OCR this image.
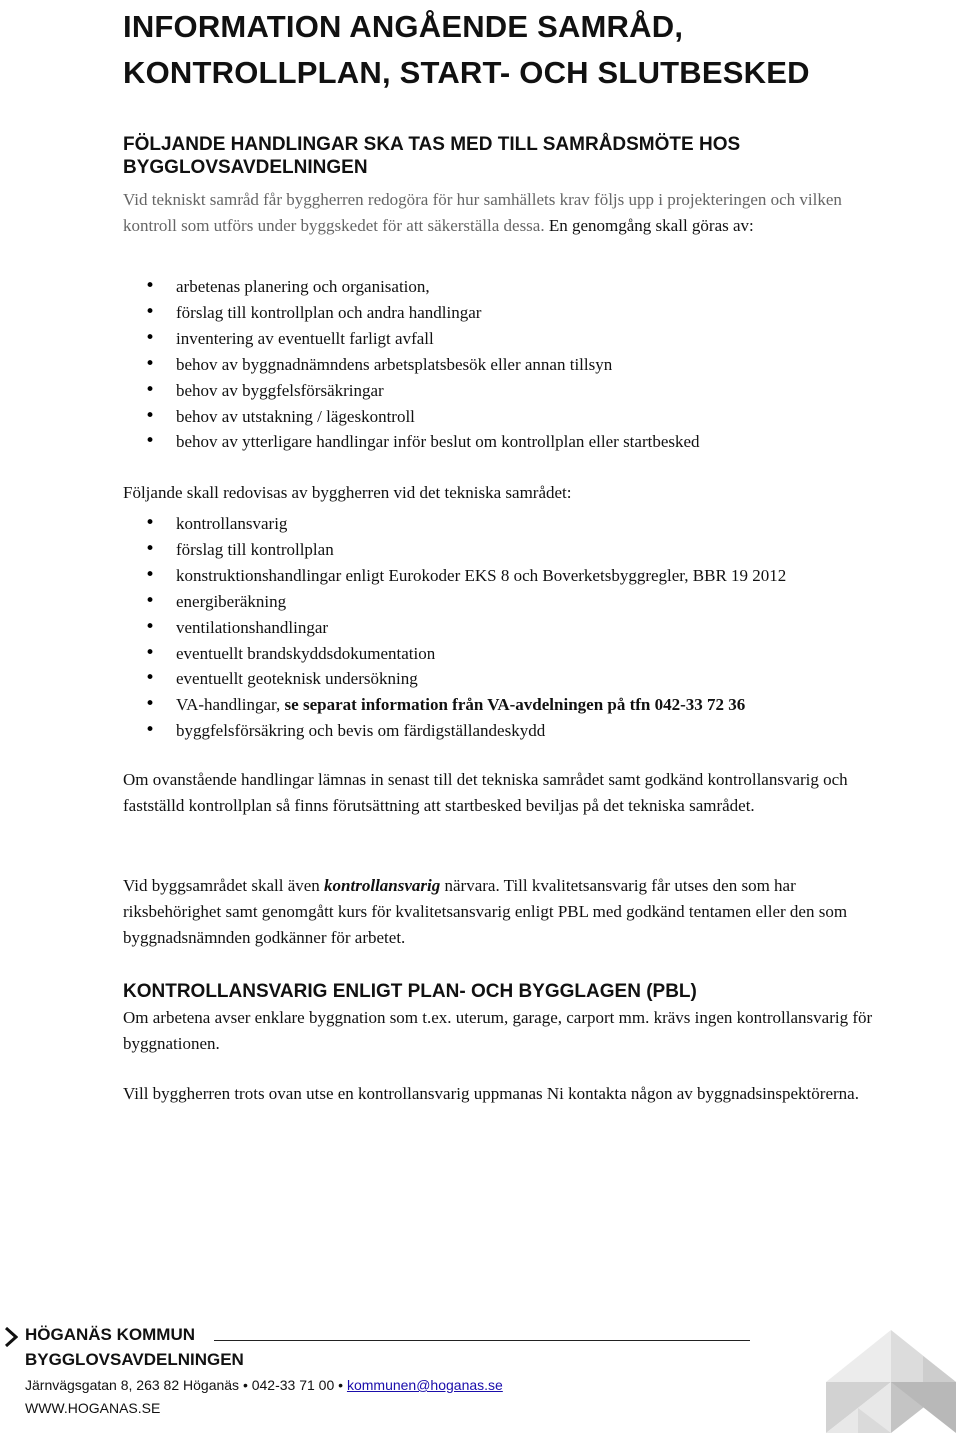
INFORMATION ANGÅENDE SAMRÅD,
KONTROLLPLAN, START- OCH SLUTBESKED
FÖLJANDE HANDLINGAR SKA TAS MED TILL SAMRÅDSMÖTE HOS BYGGLOVSAVDELNINGEN

Vid tekniskt samråd får byggherren redogöra för hur samhällets krav följs upp i projekteringen och vilken kontroll som utförs under byggskedet för att säkerställa dessa. En genomgång skall göras av:

• arbetenas planering och organisation,
• förslag till kontrollplan och andra handlingar
• inventering av eventuellt farligt avfall
• behov av byggnadnämndens arbetsplatsbesök eller annan tillsyn
• behov av byggfelsförsäkringar
• behov av utstakning / lägeskontroll
• behov av ytterligare handlingar inför beslut om kontrollplan eller startbesked

Följande skall redovisas av byggherren vid det tekniska samrådet:

• kontrollansvarig
• förslag till kontrollplan
• konstruktionshandlingar enligt Eurokoder EKS 8 och Boverketsbyggregler, BBR 19 2012
• energiberäkning
• ventilationshandlingar
• eventuellt brandskyddsdokumentation
• eventuellt geoteknisk undersökning
• VA-handlingar, se separat information från VA-avdelningen på tfn 042-33 72 36
• byggfelsförsäkring och bevis om färdigställandeskydd

Om ovanstående handlingar lämnas in senast till det tekniska samrådet samt godkänd kontrollansvarig och fastställd kontrollplan så finns förutsättning att startbesked beviljas på det tekniska samrådet.

Vid byggsamrådet skall även kontrollansvarig närvara. Till kvalitetsansvarig får utses den som har riksbehörighet samt genomgått kurs för kvalitetsansvarig enligt PBL med godkänd tentamen eller den som byggnadsnämnden godkänner för arbetet.

KONTROLLANSVARIG ENLIGT PLAN- OCH BYGGLAGEN (PBL)

Om arbetena avser enklare byggnation som t.ex. uterum, garage, carport mm. krävs ingen kontrollansvarig för byggnationen.

Vill byggherren trots ovan utse en kontrollansvarig uppmanas Ni kontakta någon av byggnadsinspektörerna.

HÖGANÄS KOMMUN
BYGGLOVSAVDELNINGEN
Järnvägsgatan 8, 263 82 Höganäs • 042-33 71 00 • kommunen@hoganas.se
WWW.HOGANAS.SE
